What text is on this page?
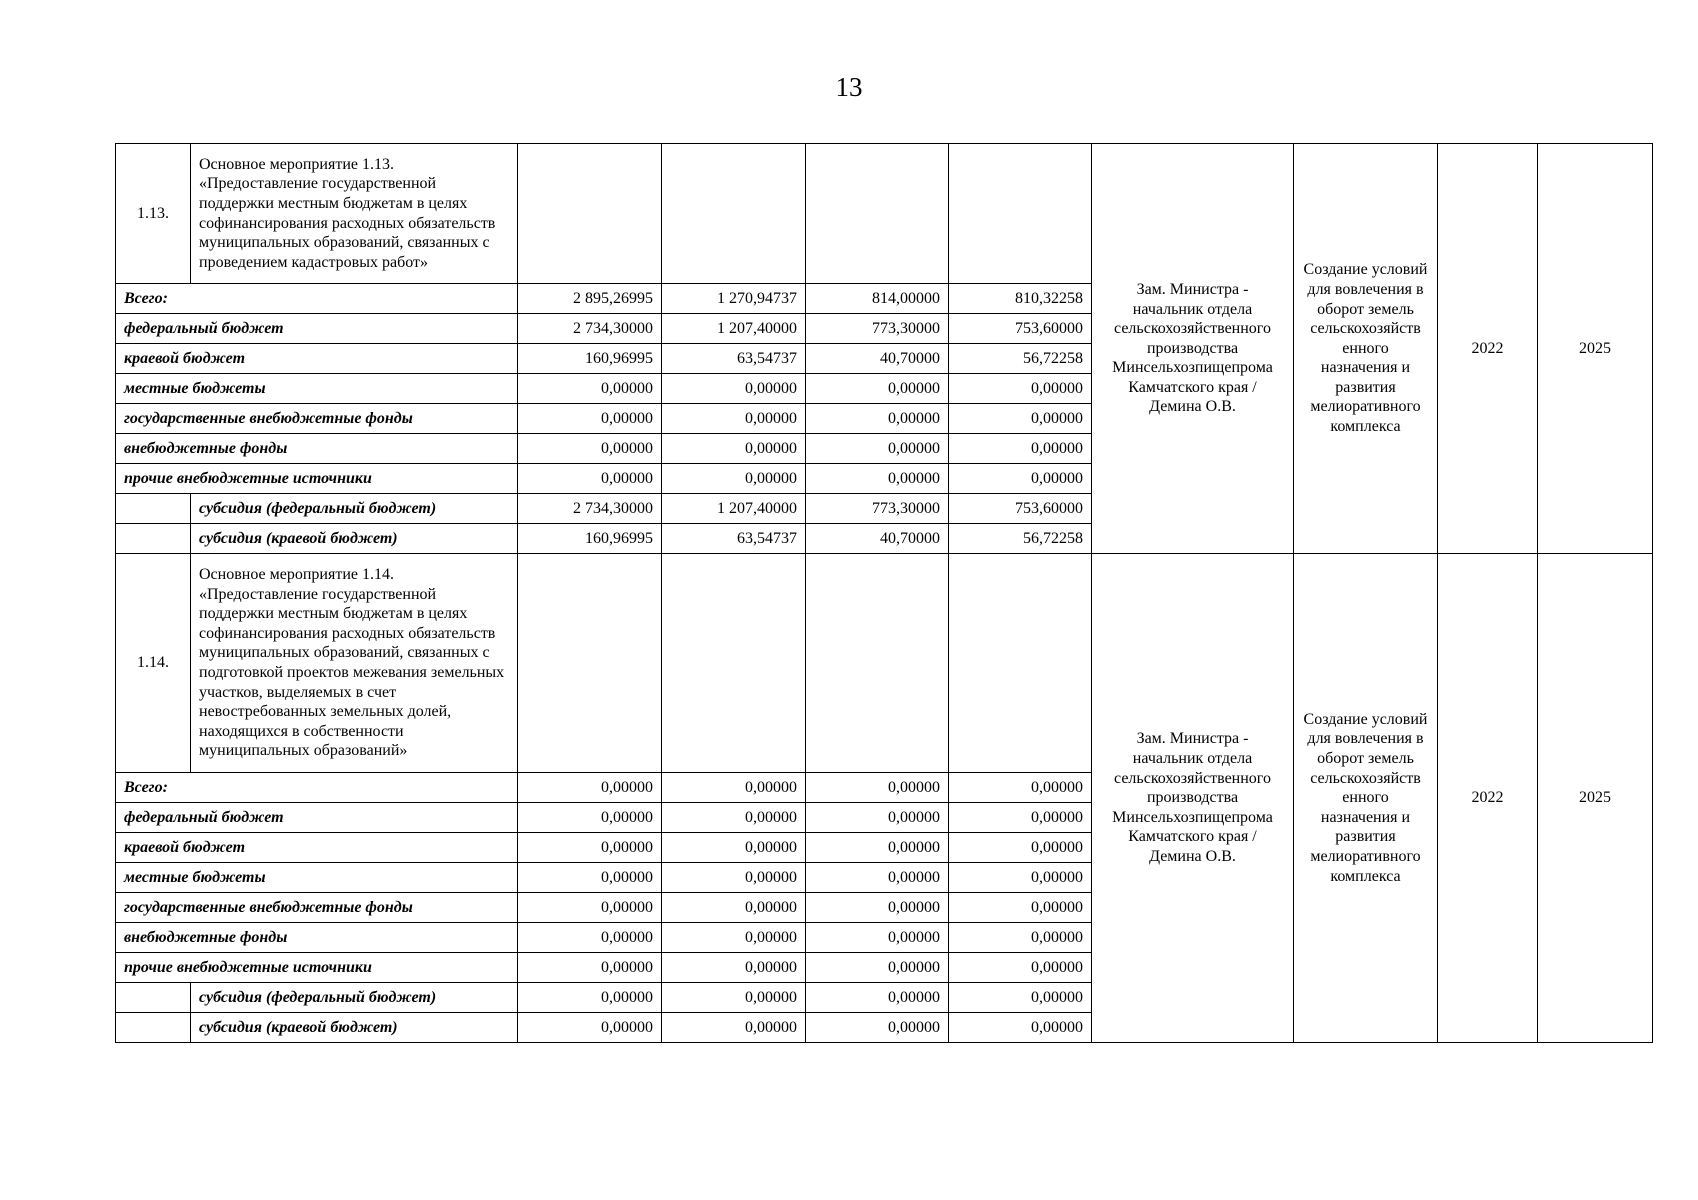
13
1.13.	Основное мероприятие 1.13. «Предоставление государственной поддержки местным бюджетам в целях софинансирования расходных обязательств муниципальных образований, связанных с проведением кадастровых работ»					Зам. Министра - начальник отдела сельскохозяйственного производства Минсельхозпищепрома Камчатского края / Демина О.В.	Создание условий для вовлечения в оборот земель сельскохозяйств енного назначения и развития мелиоративного комплекса	2022	2025
Всего:		2 895,26995	1 270,94737	814,00000	810,32258				
федеральный бюджет		2 734,30000	1 207,40000	773,30000	753,60000				
краевой бюджет		160,96995	63,54737	40,70000	56,72258				
местные бюджеты		0,00000	0,00000	0,00000	0,00000				
государственные внебюджетные фонды		0,00000	0,00000	0,00000	0,00000				
внебюджетные фонды		0,00000	0,00000	0,00000	0,00000				
прочие внебюджетные источники		0,00000	0,00000	0,00000	0,00000				
	субсидия (федеральный бюджет)	2 734,30000	1 207,40000	773,30000	753,60000				
	субсидия (краевой бюджет)	160,96995	63,54737	40,70000	56,72258				
1.14.	Основное мероприятие 1.14. «Предоставление государственной поддержки местным бюджетам в целях софинансирования расходных обязательств муниципальных образований, связанных с подготовкой проектов межевания земельных участков, выделяемых в счет невостребованных земельных долей, находящихся в собственности муниципальных образований»					Зам. Министра - начальник отдела сельскохозяйственного производства Минсельхозпищепрома Камчатского края / Демина О.В.	Создание условий для вовлечения в оборот земель сельскохозяйств енного назначения и развития мелиоративного комплекса	2022	2025
Всего:		0,00000	0,00000	0,00000	0,00000				
федеральный бюджет		0,00000	0,00000	0,00000	0,00000				
краевой бюджет		0,00000	0,00000	0,00000	0,00000				
местные бюджеты		0,00000	0,00000	0,00000	0,00000				
государственные внебюджетные фонды		0,00000	0,00000	0,00000	0,00000				
внебюджетные фонды		0,00000	0,00000	0,00000	0,00000				
прочие внебюджетные источники		0,00000	0,00000	0,00000	0,00000				
	субсидия (федеральный бюджет)	0,00000	0,00000	0,00000	0,00000				
	субсидия (краевой бюджет)	0,00000	0,00000	0,00000	0,00000				
